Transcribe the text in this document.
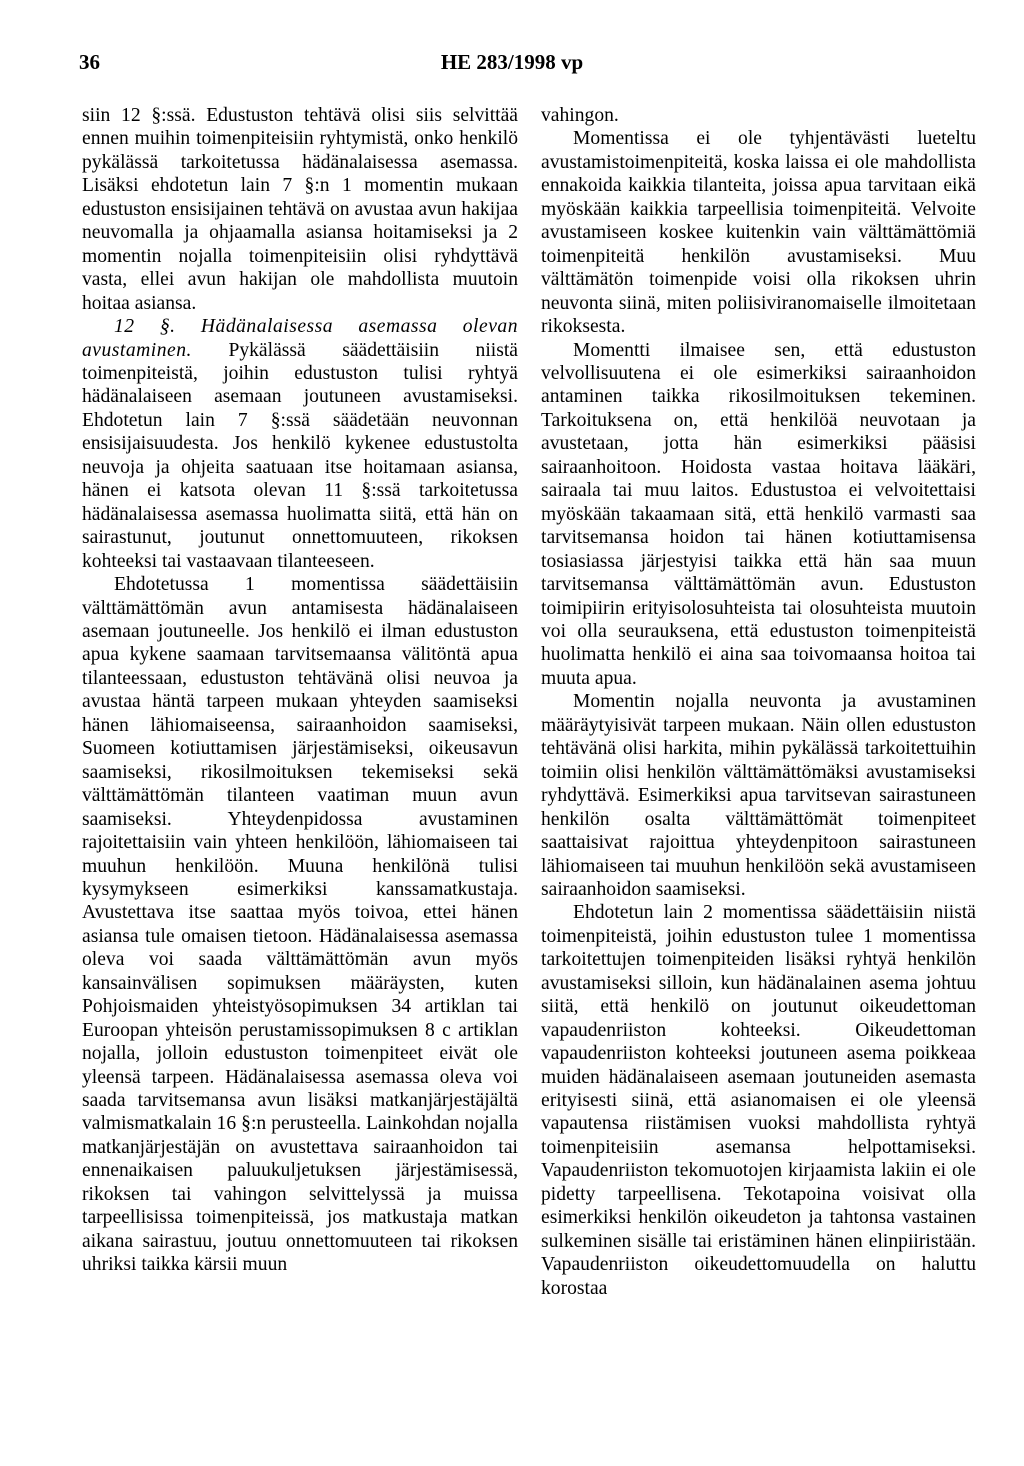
36	HE 283/1998 vp

siin 12 §:ssä. Edustuston tehtävä olisi siis selvittää ennen muihin toimenpiteisiin ryhtymistä, onko henkilö pykälässä tarkoitetussa hädänalaisessa asemassa. Lisäksi ehdotetun lain 7 §:n 1 momentin mukaan edustuston ensisijainen tehtävä on avustaa avun hakijaa neuvomalla ja ohjaamalla asiansa hoitamiseksi ja 2 momentin nojalla toimenpiteisiin olisi ryhdyttävä vasta, ellei avun hakijan ole mahdollista muutoin hoitaa asiansa.

12 §. Hädänalaisessa asemassa olevan avustaminen. Pykälässä säädettäisiin niistä toimenpiteistä, joihin edustuston tulisi ryhtyä hädänalaiseen asemaan joutuneen avustamiseksi. Ehdotetun lain 7 §:ssä säädetään neuvonnan ensisijaisuudesta. Jos henkilö kykenee edustustolta neuvoja ja ohjeita saatuaan itse hoitamaan asiansa, hänen ei katsota olevan 11 §:ssä tarkoitetussa hädänalaisessa asemassa huolimatta siitä, että hän on sairastunut, joutunut onnettomuuteen, rikoksen kohteeksi tai vastaavaan tilanteeseen.

Ehdotetussa 1 momentissa säädettäisiin välttämättömän avun antamisesta hädänalaiseen asemaan joutuneelle. Jos henkilö ei ilman edustuston apua kykene saamaan tarvitsemaansa välitöntä apua tilanteessaan, edustuston tehtävänä olisi neuvoa ja avustaa häntä tarpeen mukaan yhteyden saamiseksi hänen lähiomaiseensa, sairaanhoidon saamiseksi, Suomeen kotiuttamisen järjestämiseksi, oikeusavun saamiseksi, rikosilmoituksen tekemiseksi sekä välttämättömän tilanteen vaatiman muun avun saamiseksi. Yhteydenpidossa avustaminen rajoitettaisiin vain yhteen henkilöön, lähiomaiseen tai muuhun henkilöön. Muuna henkilönä tulisi kysymykseen esimerkiksi kanssamatkustaja. Avustettava itse saattaa myös toivoa, ettei hänen asiansa tule omaisen tietoon. Hädänalaisessa asemassa oleva voi saada välttämättömän avun myös kansainvälisen sopimuksen määräysten, kuten Pohjoismaiden yhteistyösopimuksen 34 artiklan tai Euroopan yhteisön perustamissopimuksen 8 c artiklan nojalla, jolloin edustuston toimenpiteet eivät ole yleensä tarpeen. Hädänalaisessa asemassa oleva voi saada tarvitsemansa avun lisäksi matkanjärjestäjältä valmismatkalain 16 §:n perusteella. Lainkohdan nojalla matkanjärjestäjän on avustettava sairaanhoidon tai ennenaikaisen paluukuljetuksen järjestämisessä, rikoksen tai vahingon selvittelyssä ja muissa tarpeellisissa toimenpiteissä, jos matkustaja matkan aikana sairastuu, joutuu onnettomuuteen tai rikoksen uhriksi taikka kärsii muun

vahingon.

Momentissa ei ole tyhjentävästi lueteltu avustamistoimenpiteitä, koska laissa ei ole mahdollista ennakoida kaikkia tilanteita, joissa apua tarvitaan eikä myöskään kaikkia tarpeellisia toimenpiteitä. Velvoite avustamiseen koskee kuitenkin vain välttämättömiä toimenpiteitä henkilön avustamiseksi. Muu välttämätön toimenpide voisi olla rikoksen uhrin neuvonta siinä, miten poliisiviranomaiselle ilmoitetaan rikoksesta.

Momentti ilmaisee sen, että edustuston velvollisuutena ei ole esimerkiksi sairaanhoidon antaminen taikka rikosilmoituksen tekeminen. Tarkoituksena on, että henkilöä neuvotaan ja avustetaan, jotta hän esimerkiksi pääsisi sairaanhoitoon. Hoidosta vastaa hoitava lääkäri, sairaala tai muu laitos. Edustustoa ei velvoitettaisi myöskään takaamaan sitä, että henkilö varmasti saa tarvitsemansa hoidon tai hänen kotiuttamisensa tosiasiassa järjestyisi taikka että hän saa muun tarvitsemansa välttämättömän avun. Edustuston toimipiirin erityisolosuhteista tai olosuhteista muutoin voi olla seurauksena, että edustuston toimenpiteistä huolimatta henkilö ei aina saa toivomaansa hoitoa tai muuta apua.

Momentin nojalla neuvonta ja avustaminen määräytyisivät tarpeen mukaan. Näin ollen edustuston tehtävänä olisi harkita, mihin pykälässä tarkoitettuihin toimiin olisi henkilön välttämättömäksi avustamiseksi ryhdyttävä. Esimerkiksi apua tarvitsevan sairastuneen henkilön osalta välttämättömät toimenpiteet saattaisivat rajoittua yhteydenpitoon sairastuneen lähiomaiseen tai muuhun henkilöön sekä avustamiseen sairaanhoidon saamiseksi.

Ehdotetun lain 2 momentissa säädettäisiin niistä toimenpiteistä, joihin edustuston tulee 1 momentissa tarkoitettujen toimenpiteiden lisäksi ryhtyä henkilön avustamiseksi silloin, kun hädänalainen asema johtuu siitä, että henkilö on joutunut oikeudettoman vapaudenriiston kohteeksi. Oikeudettoman vapaudenriiston kohteeksi joutuneen asema poikkeaa muiden hädänalaiseen asemaan joutuneiden asemasta erityisesti siinä, että asianomaisen ei ole yleensä vapautensa riistämisen vuoksi mahdollista ryhtyä toimenpiteisiin asemansa helpottamiseksi. Vapaudenriiston tekomuotojen kirjaamista lakiin ei ole pidetty tarpeellisena. Tekotapoina voisivat olla esimerkiksi henkilön oikeudeton ja tahtonsa vastainen sulkeminen sisälle tai eristäminen hänen elinpiiristään. Vapaudenriiston oikeudettomuudella on haluttu korostaa
